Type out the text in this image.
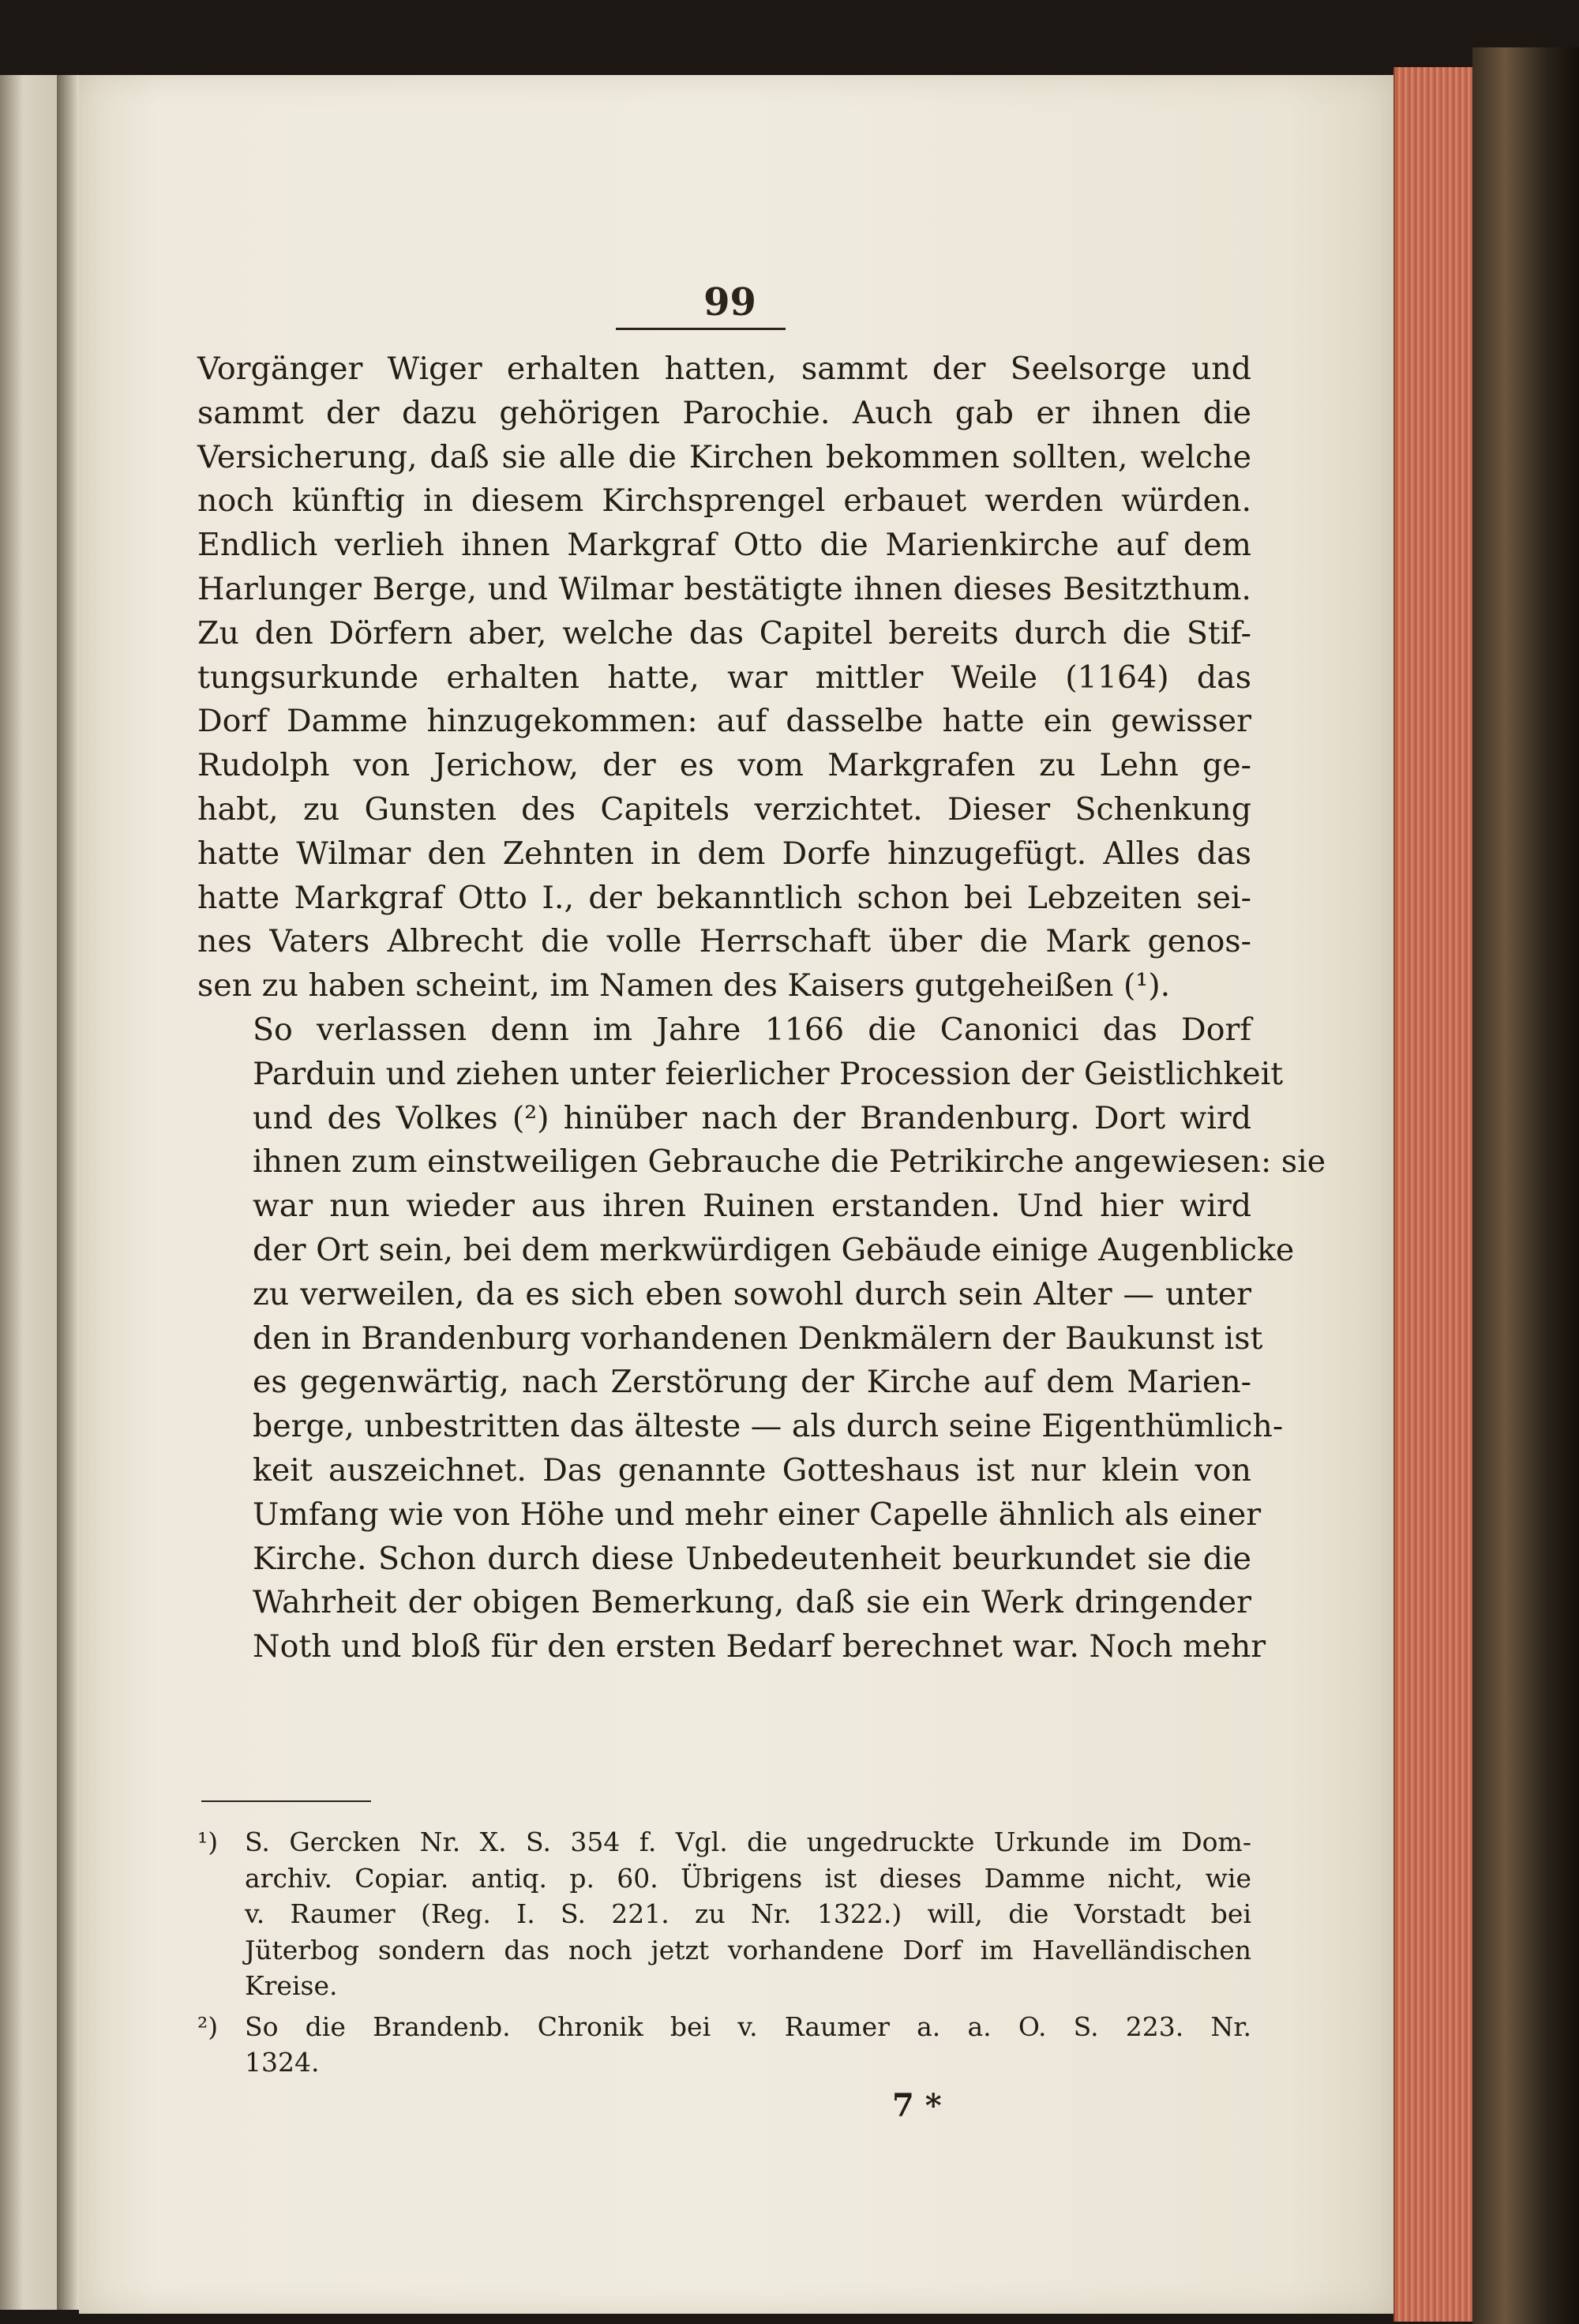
99

Vorgänger Wiger erhalten hatten, sammt der Seelsorge und
sammt der dazu gehörigen Parochie. Auch gab er ihnen die
Versicherung, daß sie alle die Kirchen bekommen sollten, welche
noch künftig in diesem Kirchsprengel erbauet werden würden.
Endlich verlieh ihnen Markgraf Otto die Marienkirche auf dem
Harlunger Berge, und Wilmar bestätigte ihnen dieses Besitzthum.
Zu den Dörfern aber, welche das Capitel bereits durch die Stif-
tungsurkunde erhalten hatte, war mittler Weile (1164) das
Dorf Damme hinzugekommen: auf dasselbe hatte ein gewisser
Rudolph von Jerichow, der es vom Markgrafen zu Lehn ge-
habt, zu Gunsten des Capitels verzichtet. Dieser Schenkung
hatte Wilmar den Zehnten in dem Dorfe hinzugefügt. Alles das
hatte Markgraf Otto I., der bekanntlich schon bei Lebzeiten sei-
nes Vaters Albrecht die volle Herrschaft über die Mark genos-
sen zu haben scheint, im Namen des Kaisers gutgeheißen (¹).

So verlassen denn im Jahre 1166 die Canonici das Dorf
Parduin und ziehen unter feierlicher Procession der Geistlichkeit
und des Volkes (²) hinüber nach der Brandenburg. Dort wird
ihnen zum einstweiligen Gebrauche die Petrikirche angewiesen: sie
war nun wieder aus ihren Ruinen erstanden. Und hier wird
der Ort sein, bei dem merkwürdigen Gebäude einige Augenblicke
zu verweilen, da es sich eben sowohl durch sein Alter — unter
den in Brandenburg vorhandenen Denkmälern der Baukunst ist
es gegenwärtig, nach Zerstörung der Kirche auf dem Marien-
berge, unbestritten das älteste — als durch seine Eigenthümlich-
keit auszeichnet. Das genannte Gotteshaus ist nur klein von
Umfang wie von Höhe und mehr einer Capelle ähnlich als einer
Kirche. Schon durch diese Unbedeutenheit beurkundet sie die
Wahrheit der obigen Bemerkung, daß sie ein Werk dringender
Noth und bloß für den ersten Bedarf berechnet war. Noch mehr

¹)	S. Gercken Nr. X. S. 354 f. Vgl. die ungedruckte Urkunde im Dom-
archiv. Copiar. antiq. p. 60. Übrigens ist dieses Damme nicht, wie
v. Raumer (Reg. I. S. 221. zu Nr. 1322.) will, die Vorstadt bei
Jüterbog sondern das noch jetzt vorhandene Dorf im Havelländischen
Kreise.
²)	So die Brandenb. Chronik bei v. Raumer a. a. O. S. 223. Nr.
1324.
7 *
